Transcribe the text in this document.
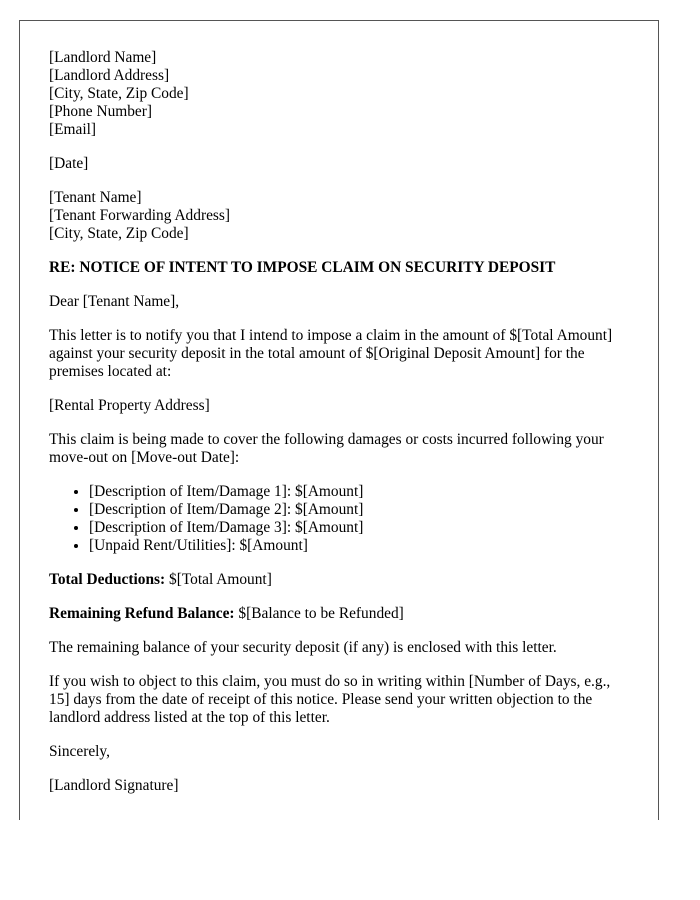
[Landlord Name]
[Landlord Address]
[City, State, Zip Code]
[Phone Number]
[Email]
[Date]
[Tenant Name]
[Tenant Forwarding Address]
[City, State, Zip Code]
RE: NOTICE OF INTENT TO IMPOSE CLAIM ON SECURITY DEPOSIT

Dear [Tenant Name],

This letter is to notify you that I intend to impose a claim in the amount of $[Total Amount] against your security deposit in the total amount of $[Original Deposit Amount] for the premises located at:

[Rental Property Address]

This claim is being made to cover the following damages or costs incurred following your move-out on [Move-out Date]:

• [Description of Item/Damage 1]: $[Amount]
• [Description of Item/Damage 2]: $[Amount]
• [Description of Item/Damage 3]: $[Amount]
• [Unpaid Rent/Utilities]: $[Amount]

Total Deductions: $[Total Amount]

Remaining Refund Balance: $[Balance to be Refunded]

The remaining balance of your security deposit (if any) is enclosed with this letter.

If you wish to object to this claim, you must do so in writing within [Number of Days, e.g., 15] days from the date of receipt of this notice. Please send your written objection to the landlord address listed at the top of this letter.

Sincerely,

[Landlord Signature]
